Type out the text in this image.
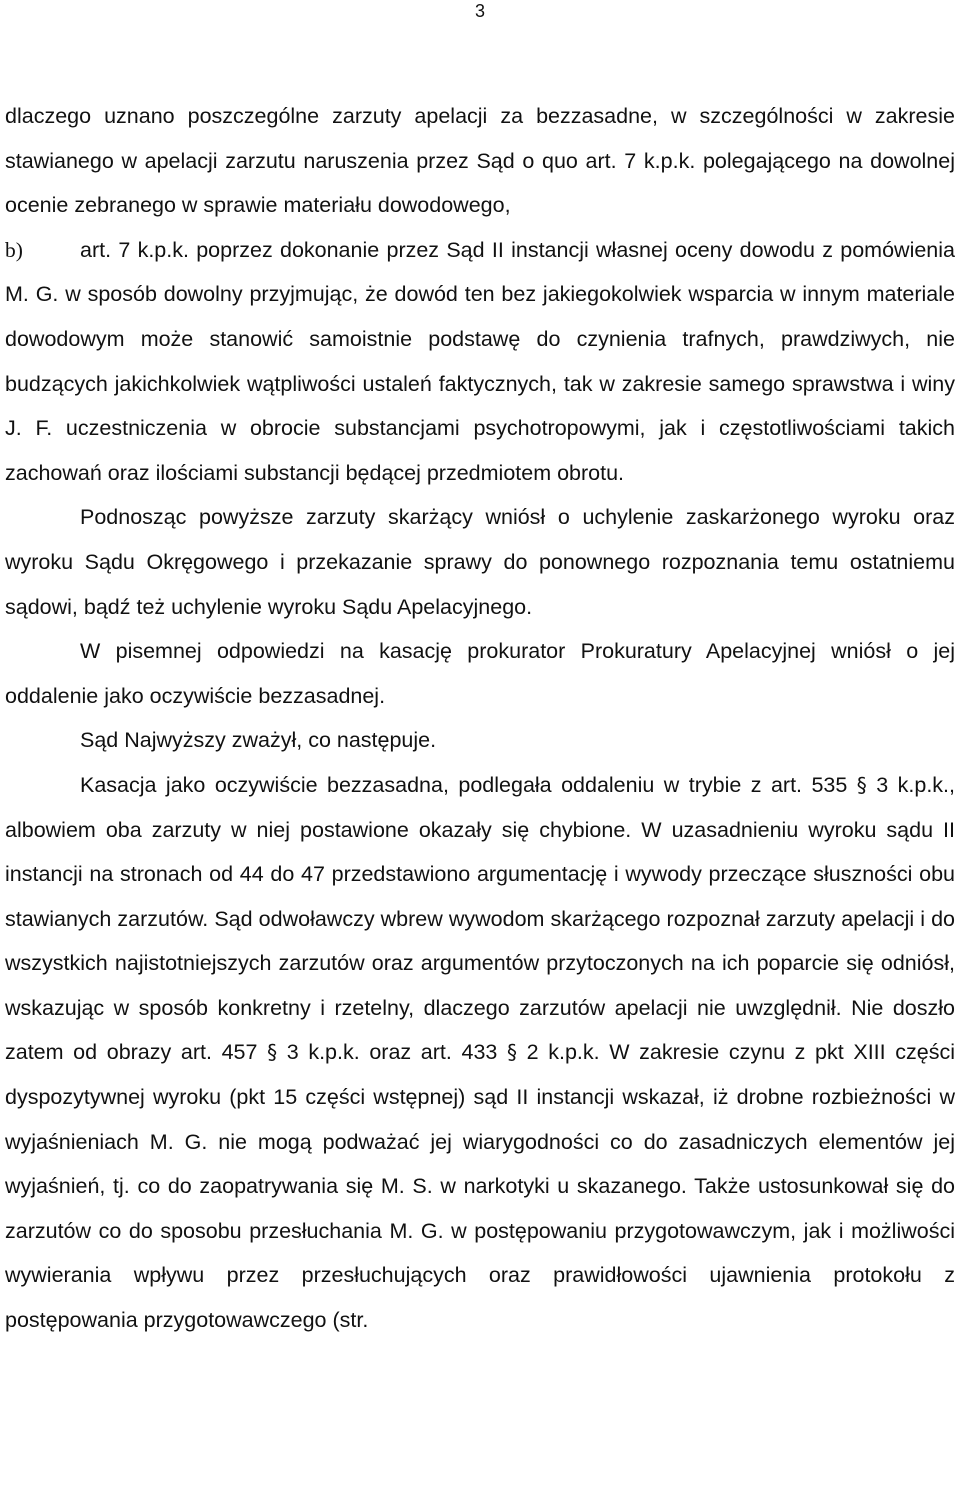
3

dlaczego uznano poszczególne zarzuty apelacji za bezzasadne, w szczególności w zakresie stawianego w apelacji zarzutu naruszenia przez Sąd o quo art. 7 k.p.k. polegającego na dowolnej ocenie zebranego w sprawie materiału dowodowego,

b)	art. 7 k.p.k. poprzez dokonanie przez Sąd II instancji własnej oceny dowodu z pomówienia M. G. w sposób dowolny przyjmując, że dowód ten bez jakiegokolwiek wsparcia w innym materiale dowodowym może stanowić samoistnie podstawę do czynienia trafnych, prawdziwych, nie budzących jakichkolwiek wątpliwości ustaleń faktycznych, tak w zakresie samego sprawstwa i winy J. F. uczestniczenia w obrocie substancjami psychotropowymi, jak i częstotliwościami takich zachowań oraz ilościami substancji będącej przedmiotem obrotu.

Podnosząc powyższe zarzuty skarżący wniósł o uchylenie zaskarżonego wyroku oraz wyroku Sądu Okręgowego i przekazanie sprawy do ponownego rozpoznania temu ostatniemu sądowi, bądź też uchylenie wyroku Sądu Apelacyjnego.

W pisemnej odpowiedzi na kasację prokurator Prokuratury Apelacyjnej wniósł o jej oddalenie jako oczywiście bezzasadnej.

Sąd Najwyższy zważył, co następuje.

Kasacja jako oczywiście bezzasadna, podlegała oddaleniu w trybie z art. 535 § 3 k.p.k., albowiem oba zarzuty w niej postawione okazały się chybione. W uzasadnieniu wyroku sądu II instancji na stronach od 44 do 47 przedstawiono argumentację i wywody przeczące słuszności obu stawianych zarzutów. Sąd odwoławczy wbrew wywodom skarżącego rozpoznał zarzuty apelacji i do wszystkich najistotniejszych zarzutów oraz argumentów przytoczonych na ich poparcie się odniósł, wskazując w sposób konkretny i rzetelny, dlaczego zarzutów apelacji nie uwzględnił. Nie doszło zatem od obrazy art. 457 § 3 k.p.k. oraz art. 433 § 2 k.p.k. W zakresie czynu z pkt XIII części dyspozytywnej wyroku (pkt 15 części wstępnej) sąd II instancji wskazał, iż drobne rozbieżności w wyjaśnieniach M. G. nie mogą podważać jej wiarygodności co do zasadniczych elementów jej wyjaśnień, tj. co do zaopatrywania się M. S. w narkotyki u skazanego. Także ustosunkował się do zarzutów co do sposobu przesłuchania M. G. w postępowaniu przygotowawczym, jak i możliwości wywierania wpływu przez przesłuchujących oraz prawidłowości ujawnienia protokołu z postępowania przygotowawczego (str.
